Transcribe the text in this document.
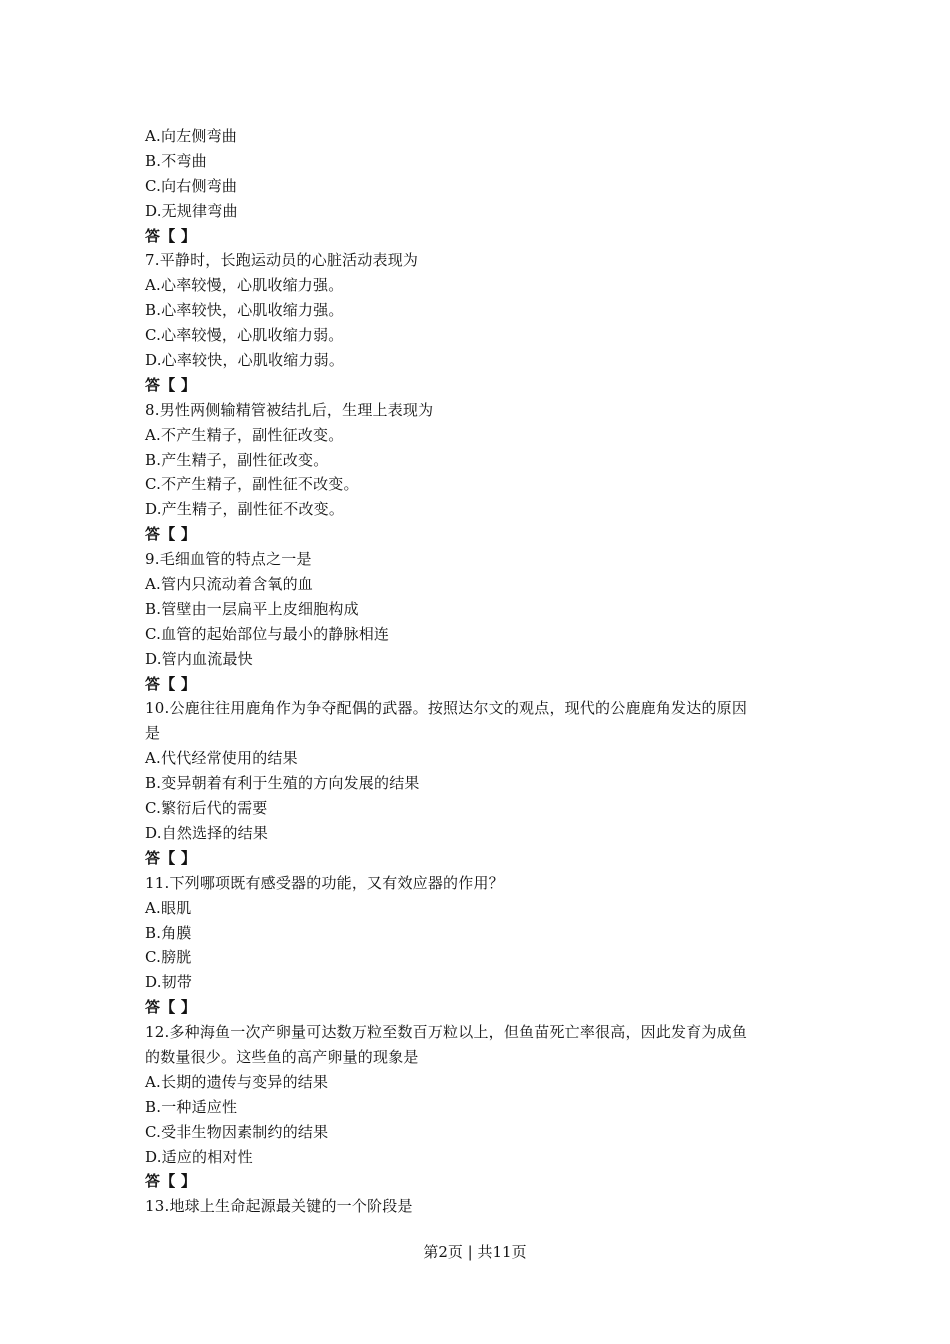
A.向左侧弯曲
B.不弯曲
C.向右侧弯曲
D.无规律弯曲
答【 】
7.平静时，长跑运动员的心脏活动表现为
A.心率较慢，心肌收缩力强。
B.心率较快，心肌收缩力强。
C.心率较慢，心肌收缩力弱。
D.心率较快，心肌收缩力弱。
答【 】
8.男性两侧输精管被结扎后，生理上表现为
A.不产生精子，副性征改变。
B.产生精子，副性征改变。
C.不产生精子，副性征不改变。
D.产生精子，副性征不改变。
答【 】
9.毛细血管的特点之一是
A.管内只流动着含氧的血
B.管壁由一层扁平上皮细胞构成
C.血管的起始部位与最小的静脉相连
D.管内血流最快
答【 】
10.公鹿往往用鹿角作为争夺配偶的武器。按照达尔文的观点，现代的公鹿鹿角发达的原因
是
A.代代经常使用的结果
B.变异朝着有利于生殖的方向发展的结果
C.繁衍后代的需要
D.自然选择的结果
答【 】
11.下列哪项既有感受器的功能，又有效应器的作用？
A.眼肌
B.角膜
C.膀胱
D.韧带
答【 】
12.多种海鱼一次产卵量可达数万粒至数百万粒以上，但鱼苗死亡率很高，因此发育为成鱼
的数量很少。这些鱼的高产卵量的现象是
A.长期的遗传与变异的结果
B.一种适应性
C.受非生物因素制约的结果
D.适应的相对性
答【 】
13.地球上生命起源最关键的一个阶段是
第2页 | 共11页
